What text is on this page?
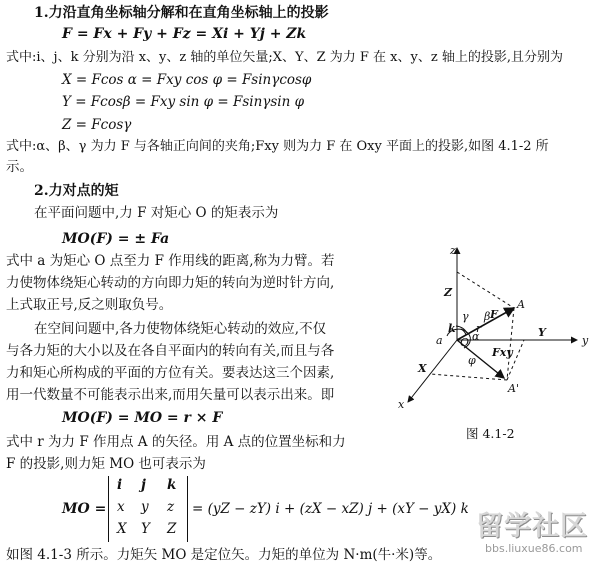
1.力沿直角坐标轴分解和在直角坐标轴上的投影
F = Fx + Fy + Fz = Xi + Yj + Zk
式中:i、j、k 分别为沿 x、y、z 轴的单位矢量;X、Y、Z 为力 F 在 x、y、z 轴上的投影,且分别为
X = Fcos α = Fxy cos φ = Fsinγcosφ
Y = Fcosβ = Fxy sin φ = Fsinγsin φ
Z = Fcosγ
式中:α、β、γ 为力 F 与各轴正向间的夹角;Fxy 则为力 F 在 Oxy 平面上的投影,如图 4.1-2 所
示。
2.力对点的矩
在平面问题中,力 F 对矩心 O 的矩表示为
MO(F) = ± Fa
式中 a 为矩心 O 点至力 F 作用线的距离,称为力臂。若
力使物体绕矩心转动的方向即力矩的转向为逆时针方向,
上式取正号,反之则取负号。
在空间问题中,各力使物体绕矩心转动的效应,不仅
与各力矩的大小以及在各自平面内的转向有关,而且与各
力和矩心所构成的平面的方位有关。要表达这三个因素,
用一代数量不可能表示出来,而用矢量可以表示出来。即
MO(F) = MO = r × F
式中 r 为力 F 作用点 A 的矢径。用 A 点的位置坐标和力
F 的投影,则力矩 MO 也可表示为
MO =
i j k
x y z
X Y Z
= (yZ − zY) i + (zX − xZ) j + (xY − yX) k
如图 4.1-3 所示。力矩矢 MO 是定位矢。力矩的单位为 N·m(牛·米)等。
z
y
x
Z
Y
X
A
A'
F
Fxy
O
a
r
k
α
β
γ
φ
图 4.1-2
留学社区
bbs.liuxue86.com
